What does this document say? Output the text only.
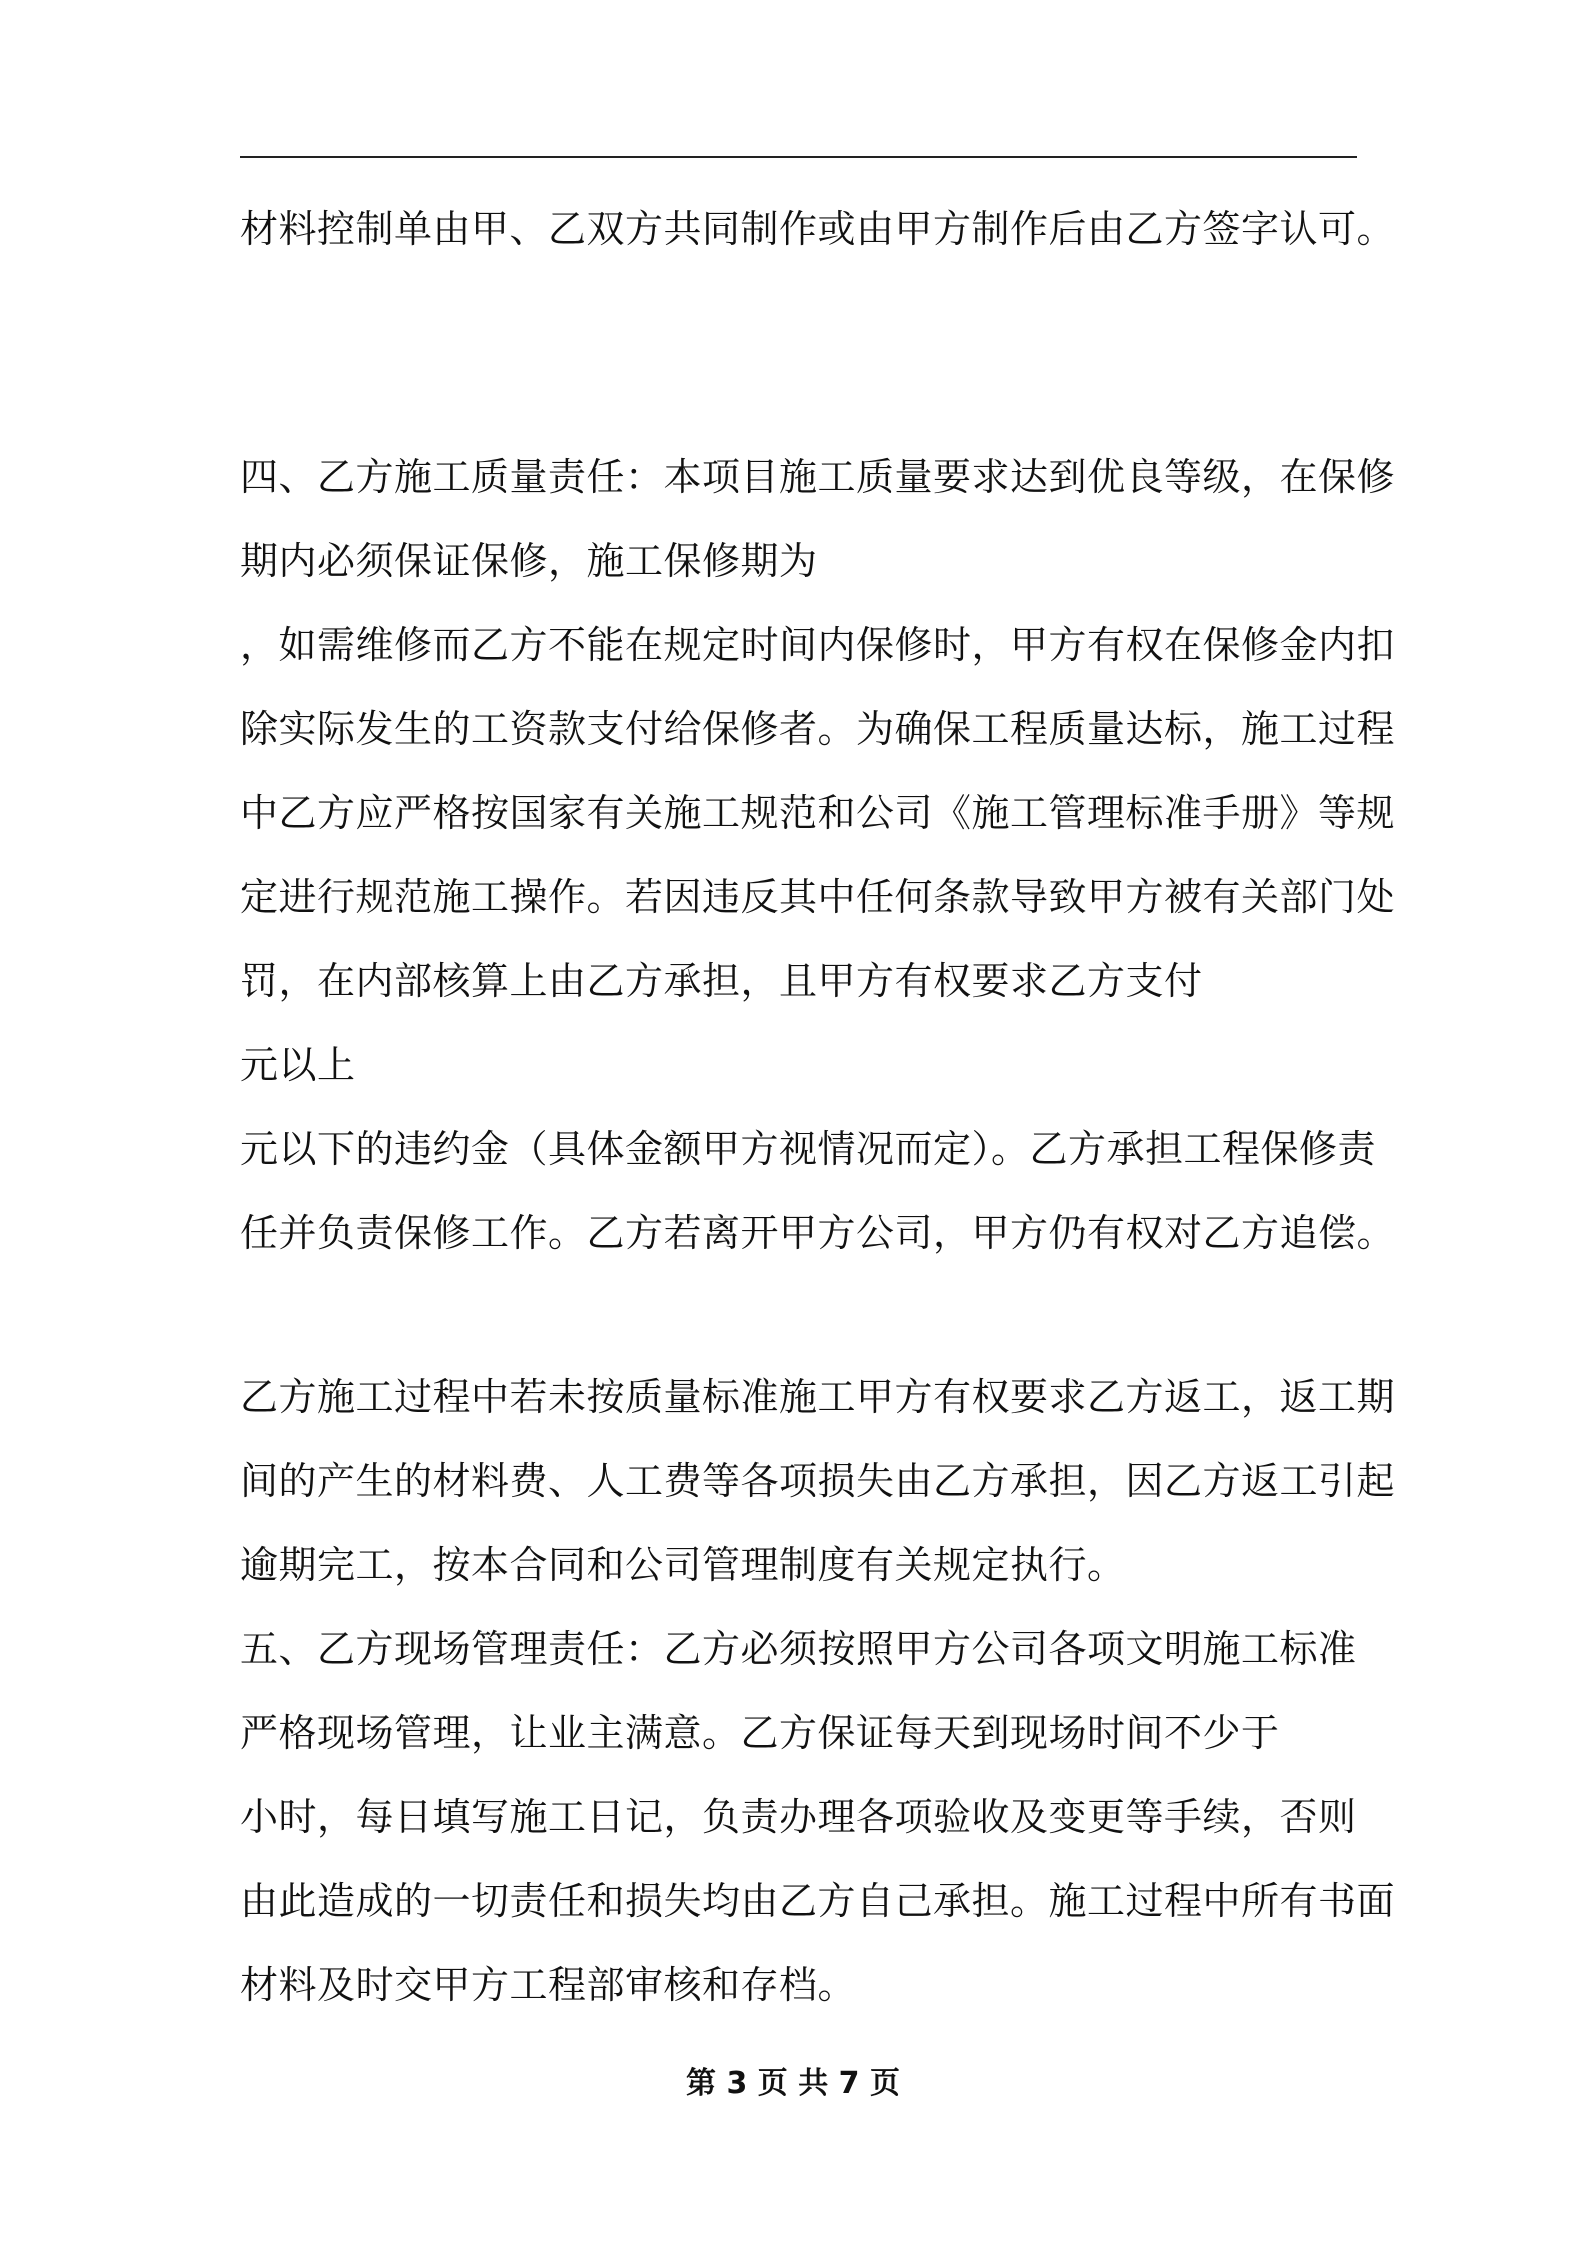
材料控制单由甲、乙双方共同制作或由甲方制作后由乙方签字认可。
四、乙方施工质量责任：本项目施工质量要求达到优良等级，在保修
期内必须保证保修，施工保修期为
，如需维修而乙方不能在规定时间内保修时，甲方有权在保修金内扣
除实际发生的工资款支付给保修者。为确保工程质量达标，施工过程
中乙方应严格按国家有关施工规范和公司《施工管理标准手册》等规
定进行规范施工操作。若因违反其中任何条款导致甲方被有关部门处
罚，在内部核算上由乙方承担，且甲方有权要求乙方支付
元以上
元以下的违约金（具体金额甲方视情况而定）。乙方承担工程保修责
任并负责保修工作。乙方若离开甲方公司，甲方仍有权对乙方追偿。
乙方施工过程中若未按质量标准施工甲方有权要求乙方返工，返工期
间的产生的材料费、人工费等各项损失由乙方承担，因乙方返工引起
逾期完工，按本合同和公司管理制度有关规定执行。
五、乙方现场管理责任：乙方必须按照甲方公司各项文明施工标准
严格现场管理，让业主满意。乙方保证每天到现场时间不少于
小时，每日填写施工日记，负责办理各项验收及变更等手续，否则
由此造成的一切责任和损失均由乙方自己承担。施工过程中所有书面
材料及时交甲方工程部审核和存档。
第 3 页 共 7 页
